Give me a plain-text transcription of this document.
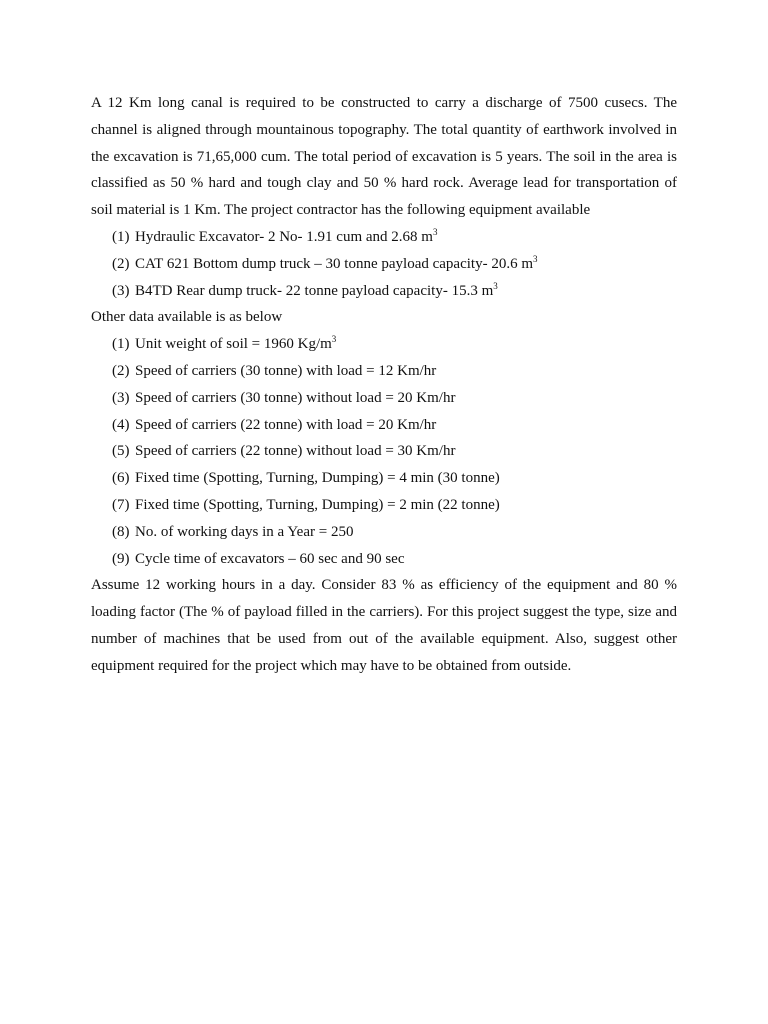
A 12 Km long canal is required to be constructed to carry a discharge of 7500 cusecs. The channel is aligned through mountainous topography. The total quantity of earthwork involved in the excavation is 71,65,000 cum. The total period of excavation is 5 years. The soil in the area is classified as 50 % hard and tough clay and 50 % hard rock. Average lead for transportation of soil material is 1 Km. The project contractor has the following equipment available

(1) Hydraulic Excavator- 2 No- 1.91 cum and 2.68 $m^3$
(2) CAT 621 Bottom dump truck – 30 tonne payload capacity- 20.6 $m^3$
(3) B4TD Rear dump truck- 22 tonne payload capacity- 15.3 $m^3$

Other data available is as below

(1) Unit weight of soil = 1960 $Kg/m^3$
(2) Speed of carriers (30 tonne) with load = 12 Km/hr
(3) Speed of carriers (30 tonne) without load = 20 Km/hr
(4) Speed of carriers (22 tonne) with load = 20 Km/hr
(5) Speed of carriers (22 tonne) without load = 30 Km/hr
(6) Fixed time (Spotting, Turning, Dumping) = 4 min (30 tonne)
(7) Fixed time (Spotting, Turning, Dumping) = 2 min (22 tonne)
(8) No. of working days in a Year = 250
(9) Cycle time of excavators – 60 sec and 90 sec

Assume 12 working hours in a day. Consider 83 % as efficiency of the equipment and 80 % loading factor (The % of payload filled in the carriers). For this project suggest the type, size and number of machines that be used from out of the available equipment. Also, suggest other equipment required for the project which may have to be obtained from outside.
